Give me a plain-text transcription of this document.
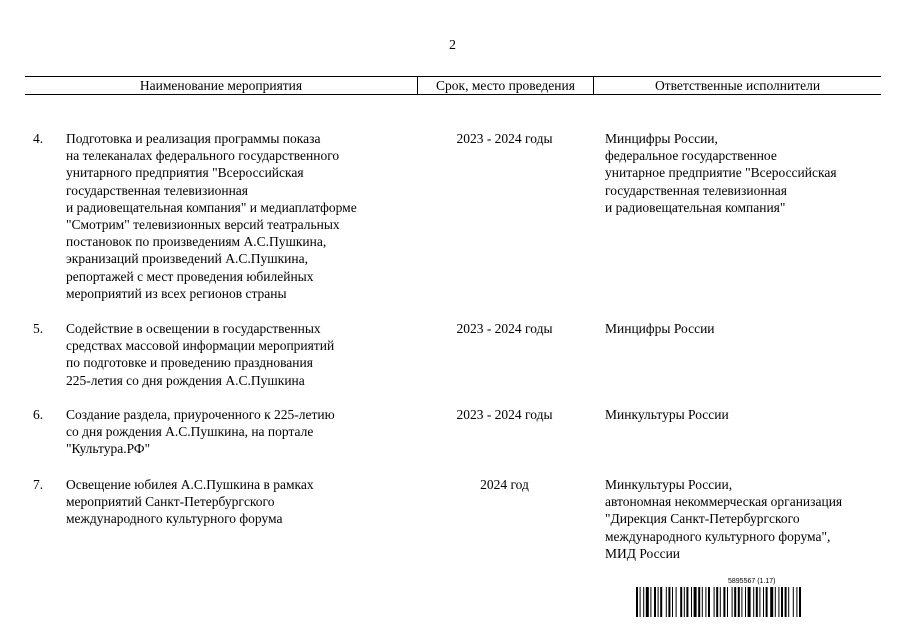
2
Наименование мероприятия	Срок, место проведения	Ответственные исполнители
4. Подготовка и реализация программы показа
на телеканалах федерального государственного
унитарного предприятия "Всероссийская
государственная телевизионная
и радиовещательная компания" и медиаплатформе
"Смотрим" телевизионных версий театральных
постановок по произведениям А.С.Пушкина,
экранизаций произведений А.С.Пушкина,
репортажей с мест проведения юбилейных
мероприятий из всех регионов страны
2023 - 2024 годы	Минцифры России,
федеральное государственное
унитарное предприятие "Всероссийская
государственная телевизионная
и радиовещательная компания"
5. Содействие в освещении в государственных
средствах массовой информации мероприятий
по подготовке и проведению празднования
225-летия со дня рождения А.С.Пушкина
2023 - 2024 годы	Минцифры России
6. Создание раздела, приуроченного к 225-летию
со дня рождения А.С.Пушкина, на портале
"Культура.РФ"
2023 - 2024 годы	Минкультуры России
7. Освещение юбилея А.С.Пушкина в рамках
мероприятий Санкт-Петербургского
международного культурного форума
2024 год	Минкультуры России,
автономная некоммерческая организация
"Дирекция Санкт-Петербургского
международного культурного форума",
МИД России
5895567 (1.17)
